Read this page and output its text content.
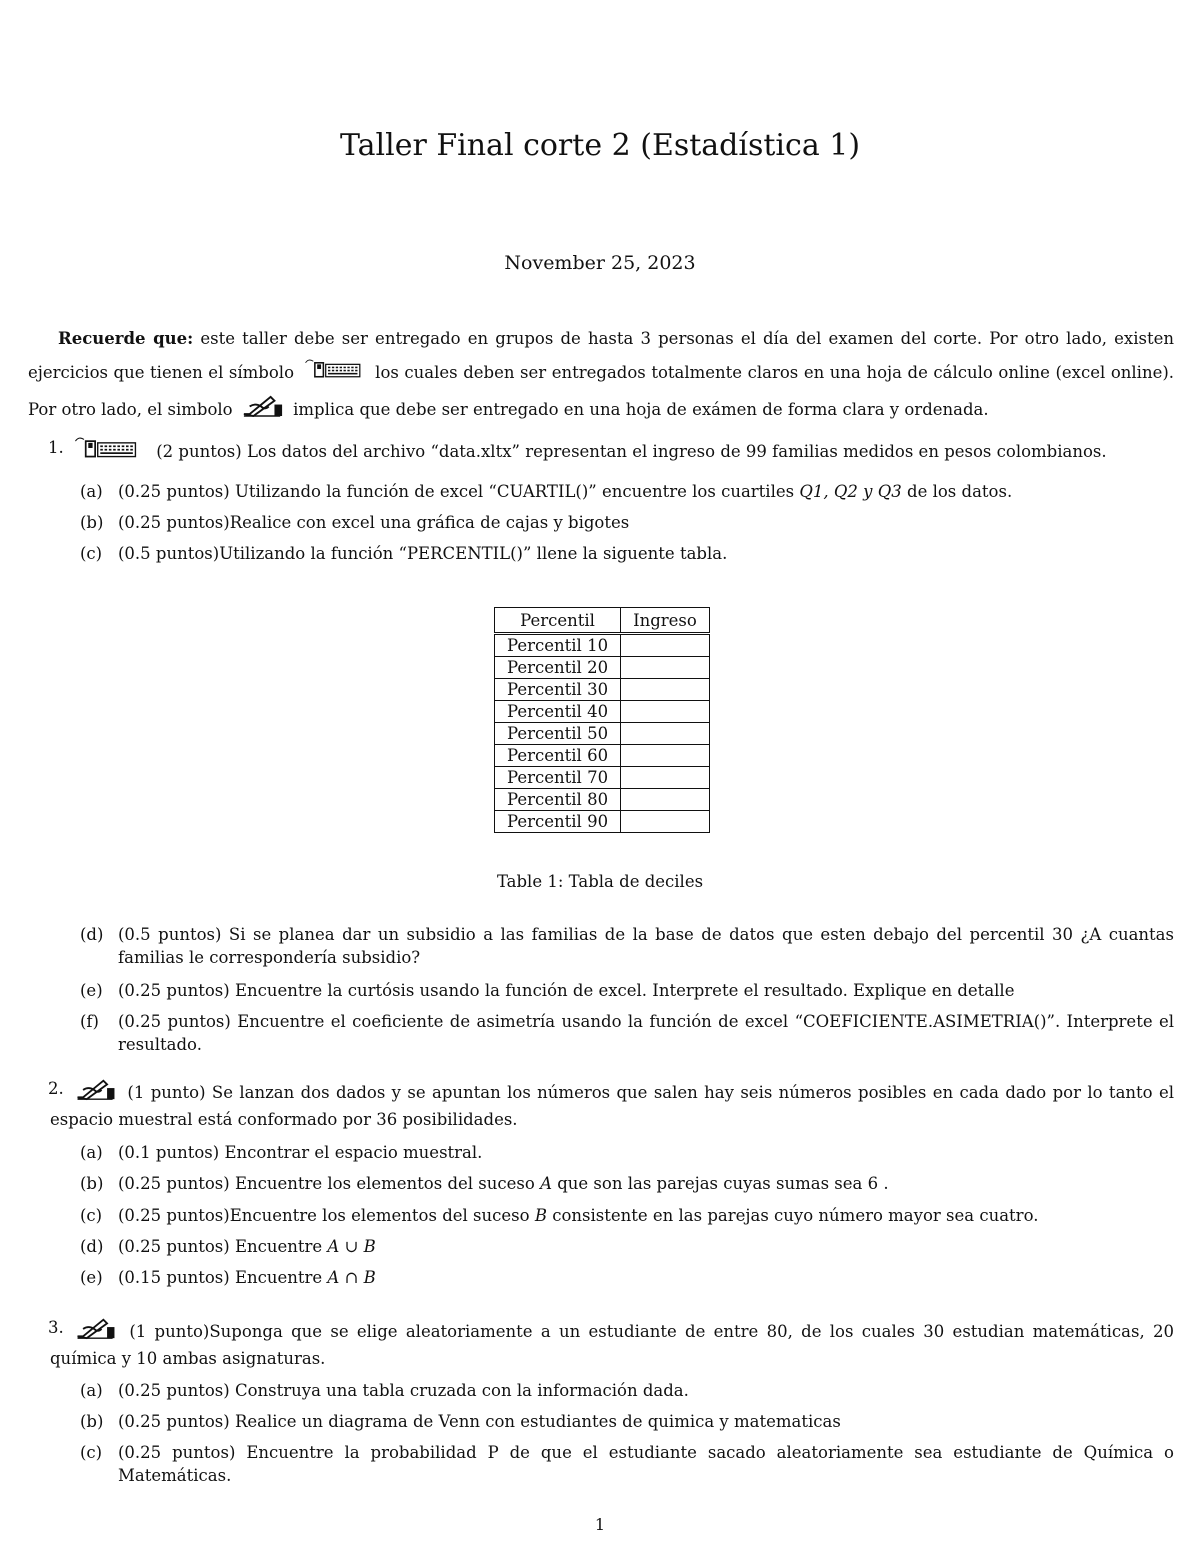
Taller Final corte 2 (Estadística 1)
November 25, 2023
Recuerde que: este taller debe ser entregado en grupos de hasta 3 personas el día del examen del corte. Por otro lado, existen ejercicios que tienen el símbolo	los cuales deben ser entregados totalmente claros en una hoja de cálculo online (excel online). Por otro lado, el simbolo	implica que debe ser entregado en una hoja de exámen de forma clara y ordenada.
1.	(2 puntos) Los datos del archivo “data.xltx” representan el ingreso de 99 familias medidos en pesos colombianos.
(a) (0.25 puntos) Utilizando la función de excel “CUARTIL()” encuentre los cuartiles Q1, Q2 y Q3 de los datos.
(b) (0.25 puntos)Realice con excel una gráfica de cajas y bigotes
(c) (0.5 puntos)Utilizando la función “PERCENTIL()” llene la siguente tabla.
Percentil	Ingreso
Percentil 10	
Percentil 20	
Percentil 30	
Percentil 40	
Percentil 50	
Percentil 60	
Percentil 70	
Percentil 80	
Percentil 90	
Table 1: Tabla de deciles
(d) (0.5 puntos) Si se planea dar un subsidio a las familias de la base de datos que esten debajo del percentil 30 ¿A cuantas familias le correspondería subsidio?
(e) (0.25 puntos) Encuentre la curtósis usando la función de excel. Interprete el resultado. Explique en detalle
(f)	(0.25 puntos) Encuentre el coeficiente de asimetría usando la función de excel “COEFICIENTE.ASIMETRIA()”. Interprete el resultado.
2.	(1 punto) Se lanzan dos dados y se apuntan los números que salen hay seis números posibles en cada dado por lo tanto el espacio muestral está conformado por 36 posibilidades.
(a) (0.1 puntos) Encontrar el espacio muestral.
(b) (0.25 puntos) Encuentre los elementos del suceso A que son las parejas cuyas sumas sea 6 .
(c) (0.25 puntos)Encuentre los elementos del suceso B consistente en las parejas cuyo número mayor sea cuatro.
(d) (0.25 puntos) Encuentre A ∪ B
(e) (0.15 puntos) Encuentre A ∩ B
3.	(1 punto)Suponga que se elige aleatoriamente a un estudiante de entre 80, de los cuales 30 estudian matemáticas, 20 química y 10 ambas asignaturas.
(a) (0.25 puntos) Construya una tabla cruzada con la información dada.
(b) (0.25 puntos) Realice un diagrama de Venn con estudiantes de quimica y matematicas
(c) (0.25 puntos) Encuentre la probabilidad P de que el estudiante sacado aleatoriamente sea estudiante de Química o Matemáticas.
1
